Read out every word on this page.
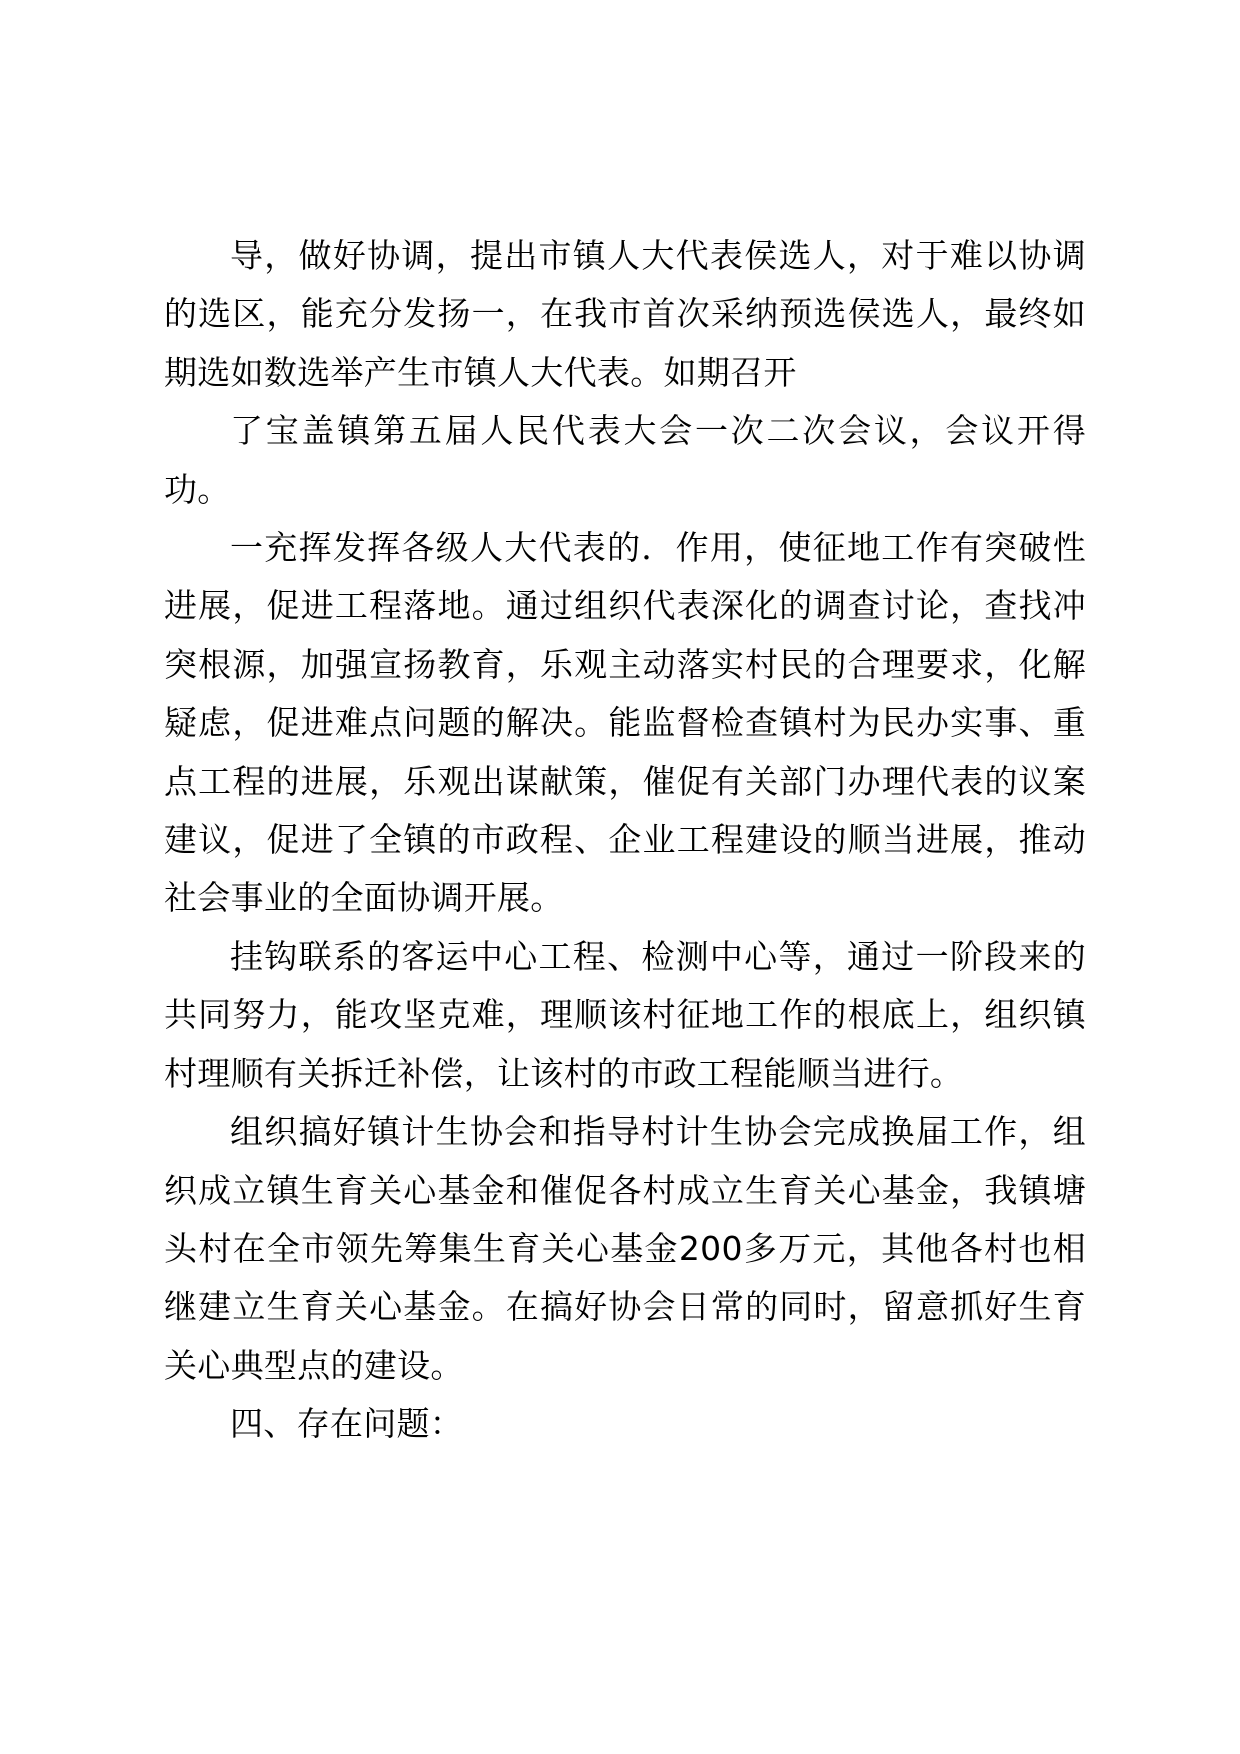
导，做好协调，提出市镇人大代表侯选人，对于难以协调的选区，能充分发扬一，在我市首次采纳预选侯选人，最终如期选如数选举产生市镇人大代表。如期召开

了宝盖镇第五届人民代表大会一次二次会议，会议开得功。

一充挥发挥各级人大代表的．作用，使征地工作有突破性进展，促进工程落地。通过组织代表深化的调查讨论，查找冲突根源，加强宣扬教育，乐观主动落实村民的合理要求，化解疑虑，促进难点问题的解决。能监督检查镇村为民办实事、重点工程的进展，乐观出谋献策，催促有关部门办理代表的议案建议，促进了全镇的市政程、企业工程建设的顺当进展，推动社会事业的全面协调开展。

挂钩联系的客运中心工程、检测中心等，通过一阶段来的共同努力，能攻坚克难，理顺该村征地工作的根底上，组织镇村理顺有关拆迁补偿，让该村的市政工程能顺当进行。

组织搞好镇计生协会和指导村计生协会完成换届工作，组织成立镇生育关心基金和催促各村成立生育关心基金，我镇塘头村在全市领先筹集生育关心基金200多万元，其他各村也相继建立生育关心基金。在搞好协会日常的同时，留意抓好生育关心典型点的建设。

四、存在问题：
